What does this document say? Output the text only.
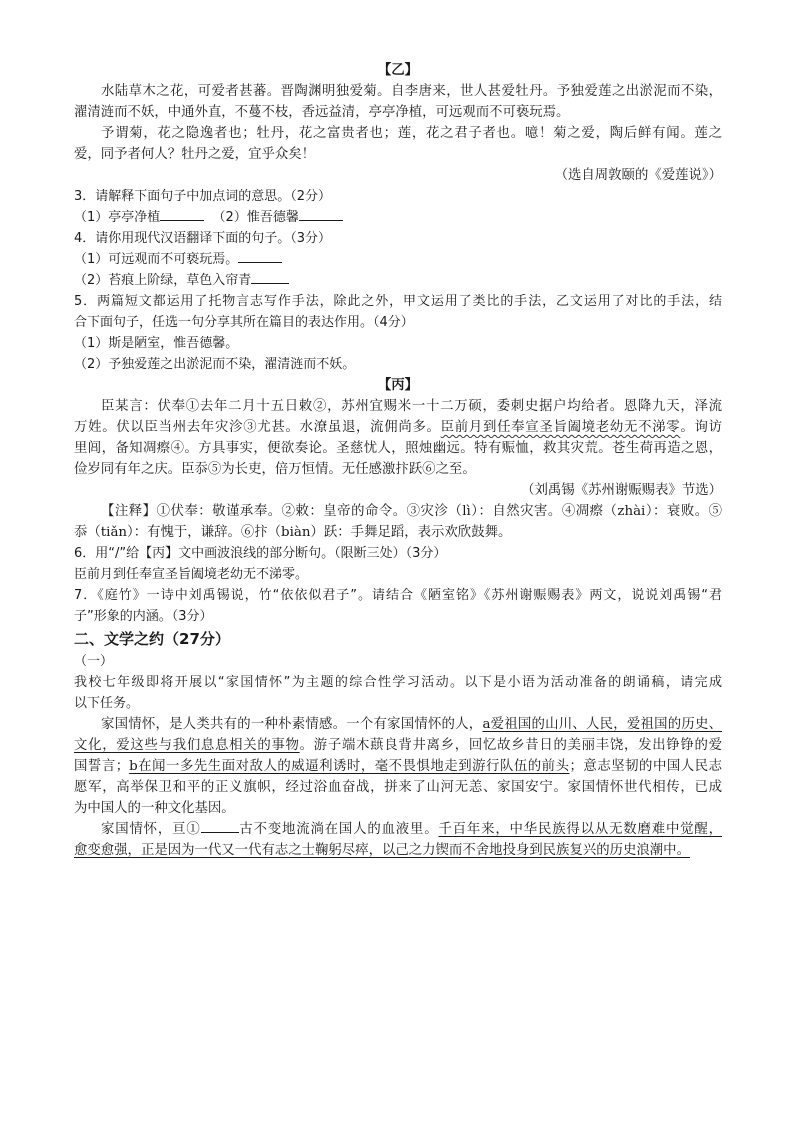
【乙】
水陆草木之花，可爱者甚蕃。晋陶渊明独爱菊。自李唐来，世人甚爱牡丹。予独爱莲之出淤泥而不染，
濯清涟而不妖，中通外直，不蔓不枝，香远益清，亭亭净植，可远观而不可亵玩焉。
予谓菊，花之隐逸者也；牡丹，花之富贵者也；莲，花之君子者也。噫！菊之爱，陶后鲜有闻。莲之
爱，同予者何人？牡丹之爱，宜乎众矣！
（选自周敦颐的《爱莲说》）
3．请解释下面句子中加点词的意思。（2分）
（1）亭亭净植	（2）惟吾德馨
4．请你用现代汉语翻译下面的句子。（3分）
（1）可远观而不可亵玩焉。
（2）苔痕上阶绿，草色入帘青
5．两篇短文都运用了托物言志写作手法，除此之外，甲文运用了类比的手法，乙文运用了对比的手法，结
合下面句子，任选一句分享其所在篇目的表达作用。（4分）
（1）斯是陋室，惟吾德馨。
（2）予独爱莲之出淤泥而不染，濯清涟而不妖。
【丙】
臣某言：伏奉①去年二月十五日敕②，苏州宜赐米一十二万硕，委刺史据户均给者。恩降九天，泽流
万姓。伏以臣当州去年灾沴③尤甚。水潦虽退，流佣尚多。臣前月到任奉宣圣旨阖境老幼无不涕零。询访
里闾，备知凋瘵④。方具事实，便欲奏论。圣慈忧人，照烛幽远。特有赈恤，救其灾荒。苍生荷再造之恩，
俭岁同有年之庆。臣忝⑤为长吏，倍万恒情。无任感激抃跃⑥之至。
（刘禹锡《苏州谢赈赐表》节选）
【注释】①伏奉：敬谨承奉。②敕：皇帝的命令。③灾沴（lì）：自然灾害。④凋瘵（zhài）：衰败。⑤
忝（tiǎn）：有愧于，谦辞。⑥抃（biàn）跃：手舞足蹈，表示欢欣鼓舞。
6．用“/”给【丙】文中画波浪线的部分断句。（限断三处）（3分）
臣前月到任奉宣圣旨阖境老幼无不涕零。
7．《庭竹》一诗中刘禹锡说，竹“依依似君子”。请结合《陋室铭》《苏州谢赈赐表》两文，说说刘禹锡“君
子”形象的内涵。（3分）
二、文学之约（27分）
（一）
我校七年级即将开展以“家国情怀”为主题的综合性学习活动。以下是小语为活动准备的朗诵稿，请完成
以下任务。
家国情怀，是人类共有的一种朴素情感。一个有家国情怀的人，a爱祖国的山川、人民，爱祖国的历史、
文化，爱这些与我们息息相关的事物。游子端木蕻良背井离乡，回忆故乡昔日的美丽丰饶，发出铮铮的爱
国誓言；b在闻一多先生面对敌人的威逼利诱时，毫不畏惧地走到游行队伍的前头；意志坚韧的中国人民志
愿军，高举保卫和平的正义旗帜，经过浴血奋战，拼来了山河无恙、家国安宁。家国情怀世代相传，已成
为中国人的一种文化基因。
家国情怀，亘①	古不变地流淌在国人的血液里。千百年来，中华民族得以从无数磨难中觉醒，
愈变愈强，正是因为一代又一代有志之士鞠躬尽瘁，以己之力锲而不舍地投身到民族复兴的历史浪潮中。
